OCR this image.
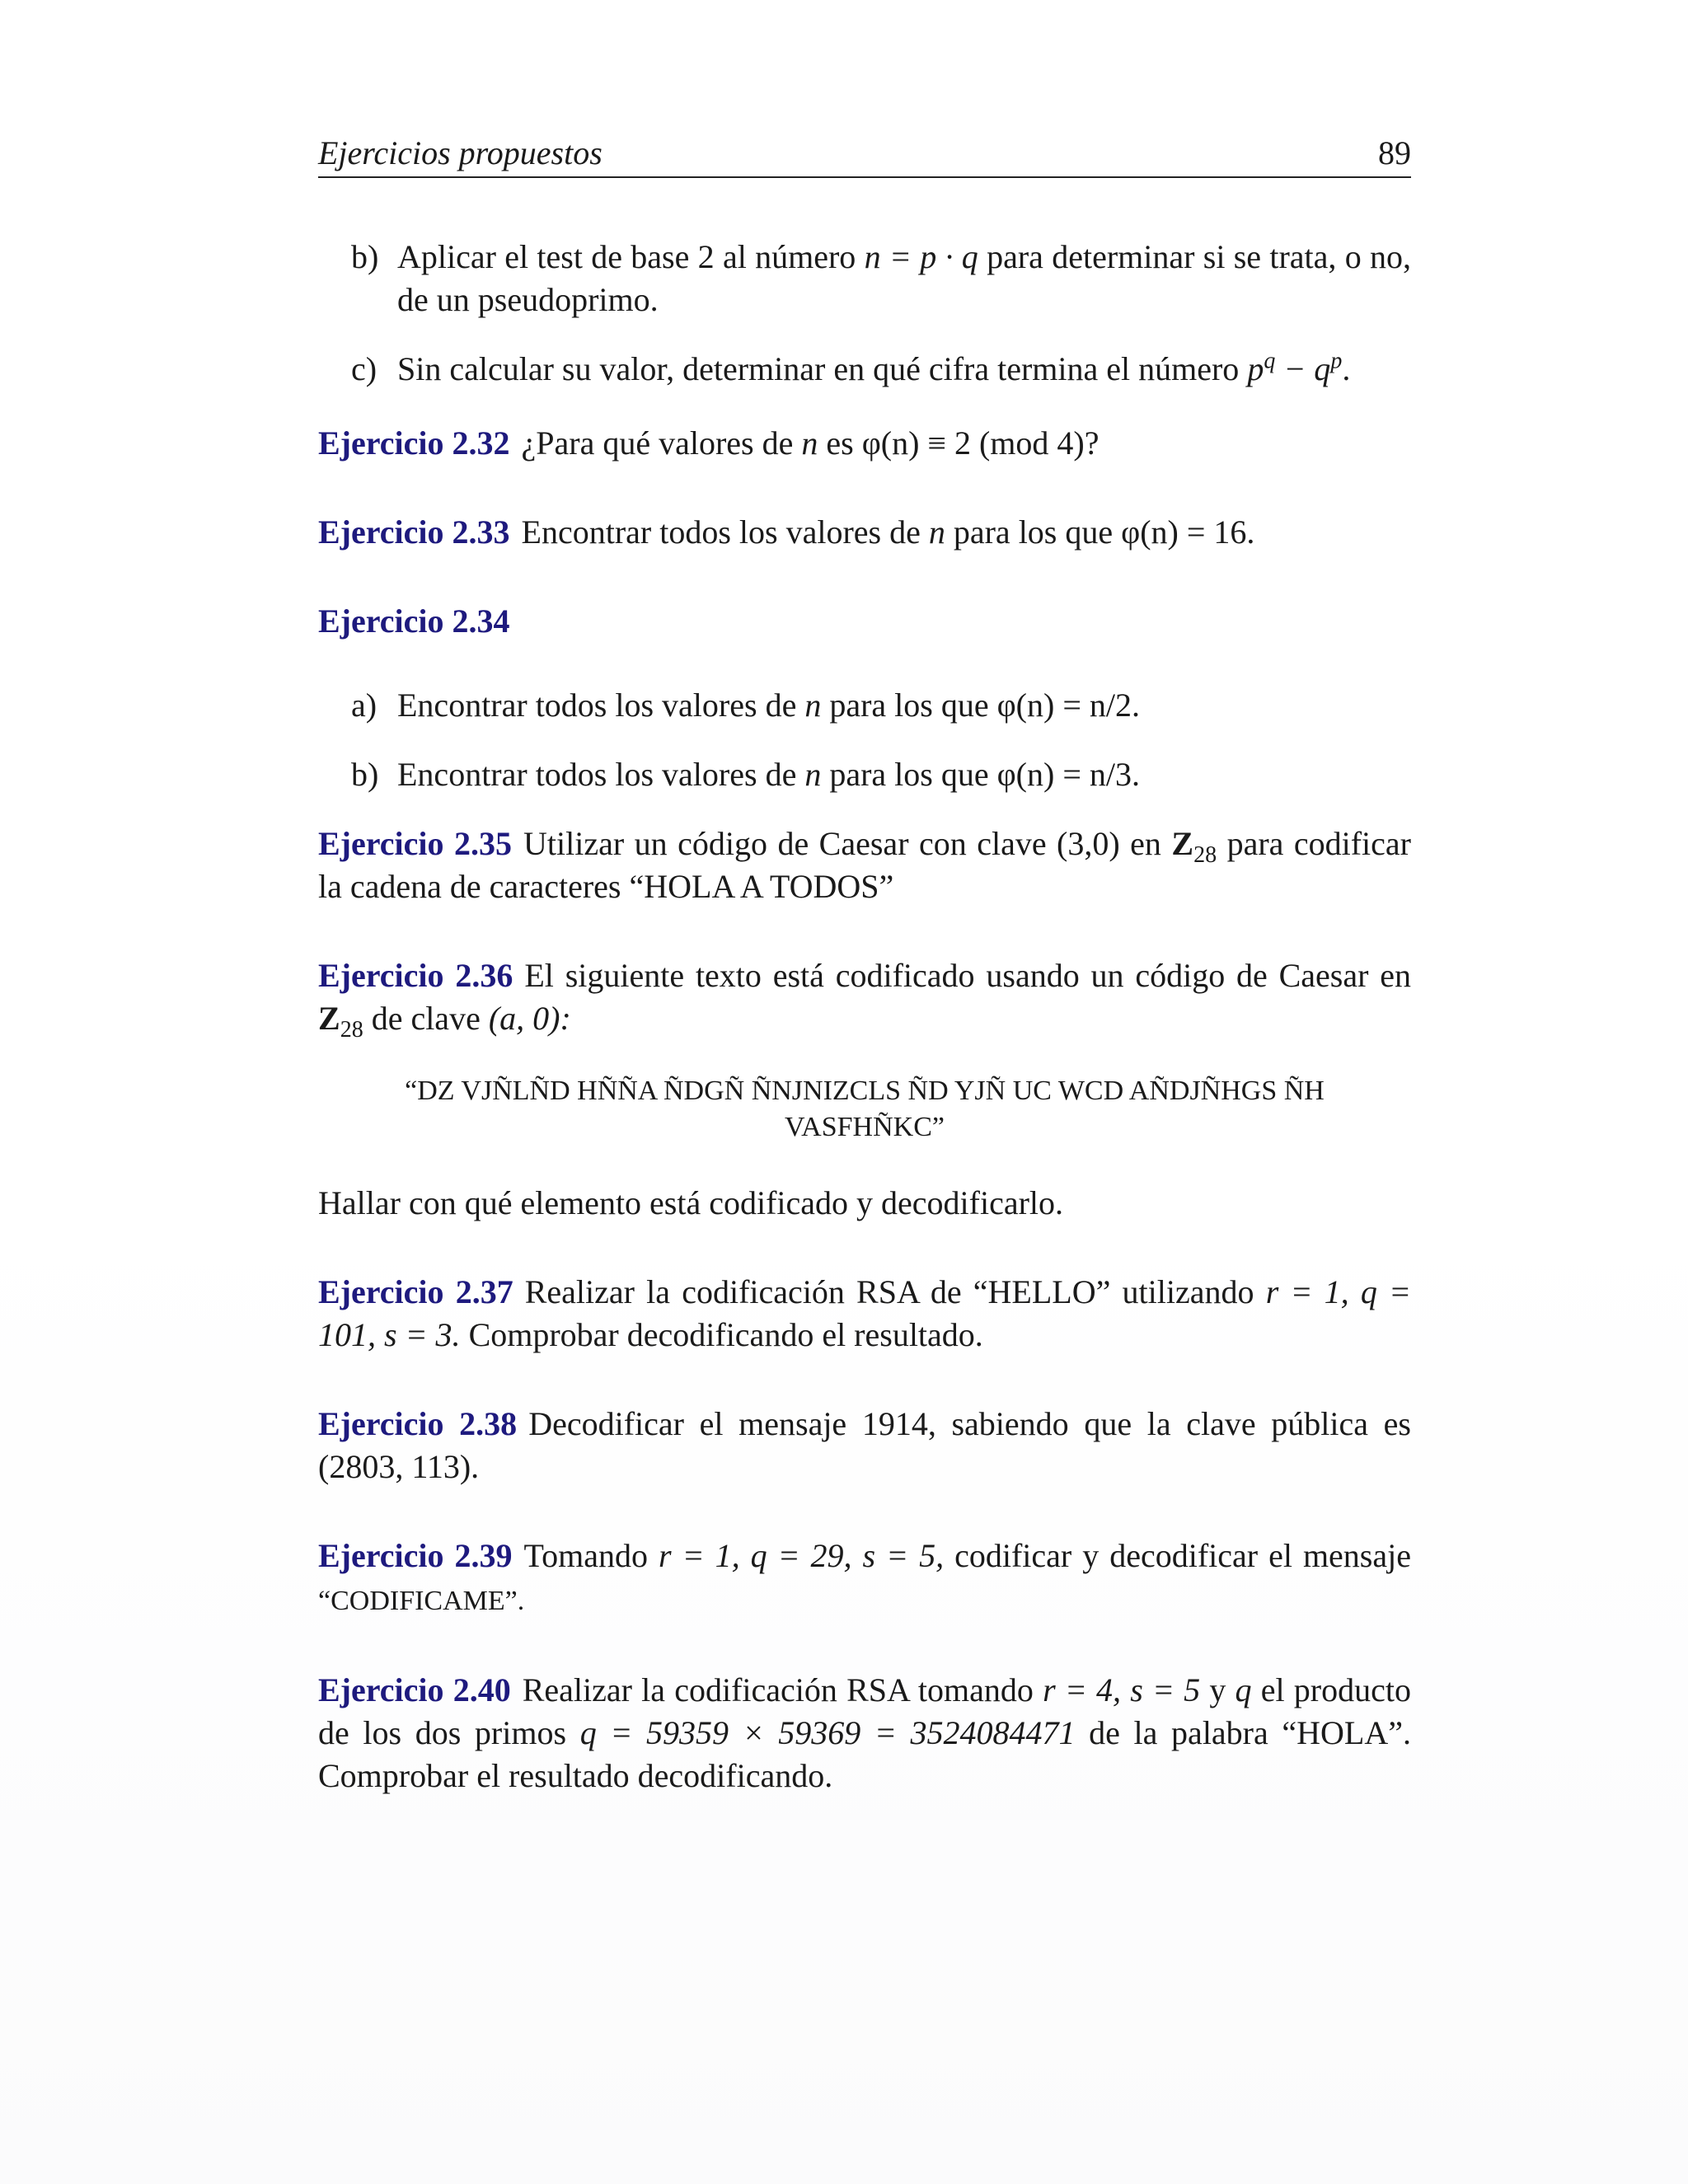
Ejercicios propuestos	89
b) Aplicar el test de base 2 al número n = p · q para determinar si se trata, o no, de un pseudoprimo.
c) Sin calcular su valor, determinar en qué cifra termina el número $p^q - q^p$.
Ejercicio 2.32 ¿Para qué valores de n es φ(n) ≡ 2 (mod 4)?
Ejercicio 2.33 Encontrar todos los valores de n para los que φ(n) = 16.
Ejercicio 2.34
a) Encontrar todos los valores de n para los que φ(n) = n/2.
b) Encontrar todos los valores de n para los que φ(n) = n/3.
Ejercicio 2.35 Utilizar un código de Caesar con clave (3,0) en $Z_{28}$ para codificar la cadena de caracteres “HOLA A TODOS”
Ejercicio 2.36 El siguiente texto está codificado usando un código de Caesar en $Z_{28}$ de clave (a, 0):
“DZ VJÑLÑD HÑÑA ÑDGÑ ÑNJNIZCLS ÑD YJÑ UC WCD AÑDJÑHGS ÑH VASFHÑKC”
Hallar con qué elemento está codificado y decodificarlo.
Ejercicio 2.37 Realizar la codificación RSA de “HELLO” utilizando r = 1, q = 101, s = 3. Comprobar decodificando el resultado.
Ejercicio 2.38 Decodificar el mensaje 1914, sabiendo que la clave pública es (2803, 113).
Ejercicio 2.39 Tomando r = 1, q = 29, s = 5, codificar y decodificar el mensaje “CODIFICAME”.
Ejercicio 2.40 Realizar la codificación RSA tomando r = 4, s = 5 y q el producto de los dos primos q = 59359 × 59369 = 3524084471 de la palabra “HOLA”. Comprobar el resultado decodificando.
